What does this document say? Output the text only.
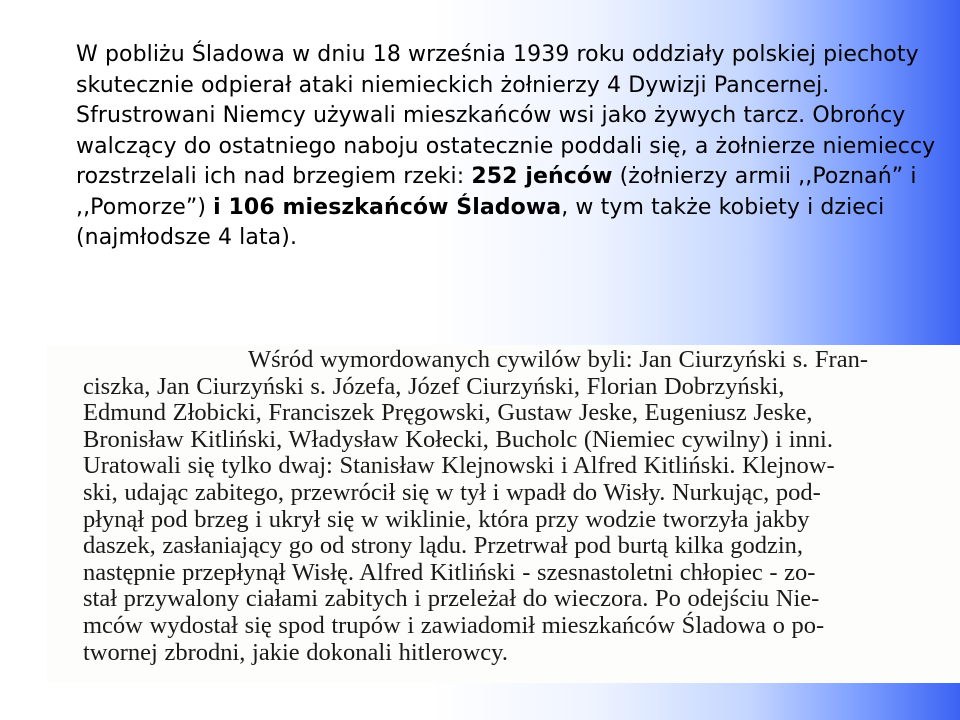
W pobliżu Śladowa w dniu 18 września 1939 roku oddziały polskiej piechoty skutecznie odpierał ataki niemieckich żołnierzy 4 Dywizji Pancernej. Sfrustrowani Niemcy używali mieszkańców wsi jako żywych tarcz. Obrońcy walczący do ostatniego naboju ostatecznie poddali się, a żołnierze niemieccy rozstrzelali ich nad brzegiem rzeki: 252 jeńców (żołnierzy armii ,,Poznań” i ,,Pomorze”) i 106 mieszkańców Śladowa, w tym także kobiety i dzieci (najmłodsze 4 lata).

Wśród wymordowanych cywilów byli: Jan Ciurzyński s. Fran-
ciszka, Jan Ciurzyński s. Józefa, Józef Ciurzyński, Florian Dobrzyński,
Edmund Złobicki, Franciszek Pręgowski, Gustaw Jeske, Eugeniusz Jeske,
Bronisław Kitliński, Władysław Kołecki, Bucholc (Niemiec cywilny) i inni.
Uratowali się tylko dwaj: Stanisław Klejnowski i Alfred Kitliński. Klejnow-
ski, udając zabitego, przewrócił się w tył i wpadł do Wisły. Nurkując, pod-
płynął pod brzeg i ukrył się w wiklinie, która przy wodzie tworzyła jakby
daszek, zasłaniający go od strony lądu. Przetrwał pod burtą kilka godzin,
następnie przepłynął Wisłę. Alfred Kitliński - szesnastoletni chłopiec - zo-
stał przywalony ciałami zabitych i przeleżał do wieczora. Po odejściu Nie-
mców wydostał się spod trupów i zawiadomił mieszkańców Śladowa o po-
twornej zbrodni, jakie dokonali hitlerowcy.
